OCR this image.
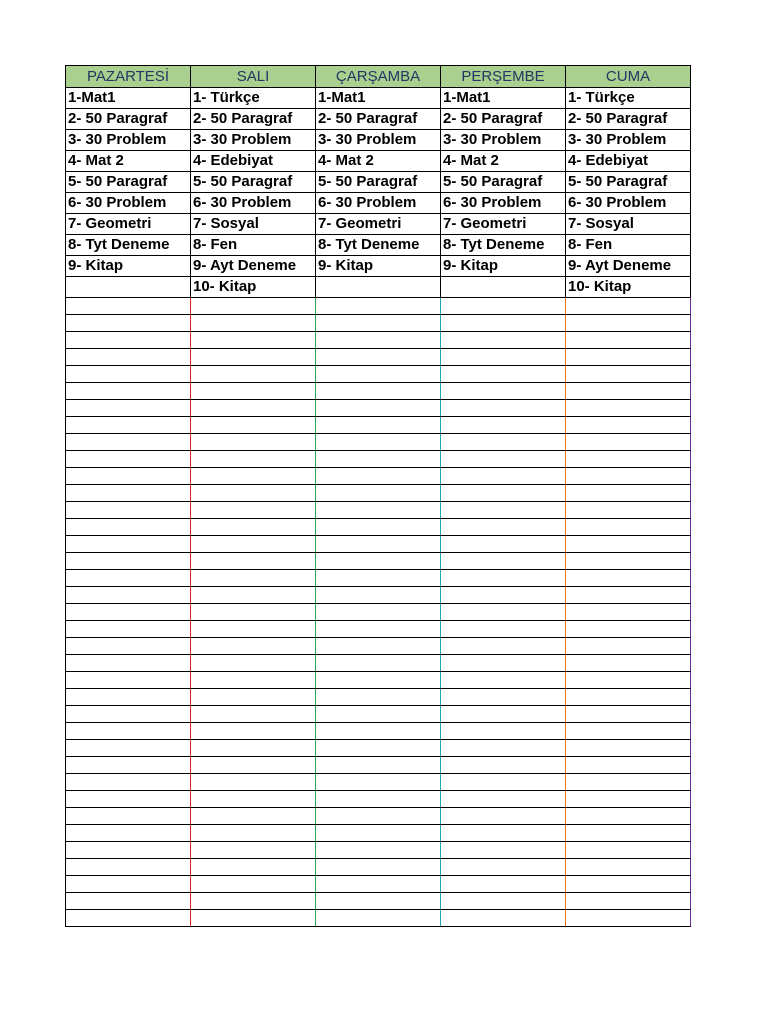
PAZARTESİ	SALI	ÇARŞAMBA	PERŞEMBE	CUMA
1-Mat1	1- Türkçe	1-Mat1	1-Mat1	1- Türkçe
2- 50 Paragraf	2- 50 Paragraf	2- 50 Paragraf	2- 50 Paragraf	2- 50 Paragraf
3- 30 Problem	3- 30 Problem	3- 30 Problem	3- 30 Problem	3- 30 Problem
4- Mat 2	4- Edebiyat	4- Mat 2	4- Mat 2	4- Edebiyat
5- 50 Paragraf	5- 50 Paragraf	5- 50 Paragraf	5- 50 Paragraf	5- 50 Paragraf
6- 30 Problem	6- 30 Problem	6- 30 Problem	6- 30 Problem	6- 30 Problem
7- Geometri	7- Sosyal	7- Geometri	7- Geometri	7- Sosyal
8- Tyt Deneme	8- Fen	8- Tyt Deneme	8- Tyt Deneme	8- Fen
9- Kitap	9- Ayt Deneme	9- Kitap	9- Kitap	9- Ayt Deneme
	10- Kitap			10- Kitap
